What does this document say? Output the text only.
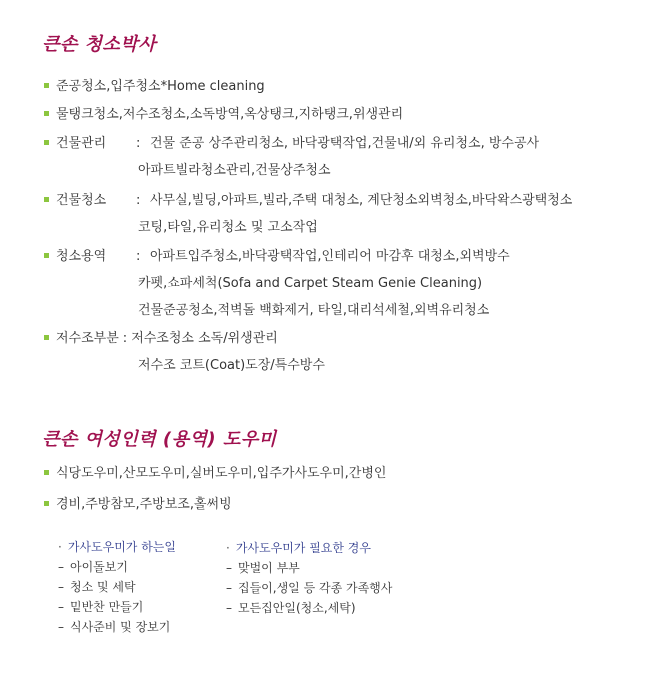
큰손 청소박사
준공청소,입주청소*Home cleaning
물탱크청소,저수조청소,소독방역,옥상탱크,지하탱크,위생관리
건물관리 : 건물 준공 상주관리청소, 바닥광택작업,건물내/외 유리청소, 방수공사
아파트빌라청소관리,건물상주청소
건물청소 : 사무실,빌딩,아파트,빌라,주택 대청소, 계단청소외벽청소,바닥왁스광택청소
코팅,타일,유리청소 및 고소작업
청소용역 : 아파트입주청소,바닥광택작업,인테리어 마감후 대청소,외벽방수
카펫,쇼파세척(Sofa and Carpet Steam Genie Cleaning)
건물준공청소,적벽돌 백화제거, 타일,대리석세철,외벽유리청소
저수조부분 : 저수조청소 소독/위생관리
저수조 코트(Coat)도장/특수방수
큰손 여성인력 (용역) 도우미
식당도우미,산모도우미,실버도우미,입주가사도우미,간병인
경비,주방참모,주방보조,홀써빙
· 가사도우미가 하는일
– 아이돌보기
– 청소 및 세탁
– 밑반찬 만들기
– 식사준비 및 장보기
· 가사도우미가 필요한 경우
– 맞벌이 부부
– 집들이,생일 등 각종 가족행사
– 모든집안일(청소,세탁)
